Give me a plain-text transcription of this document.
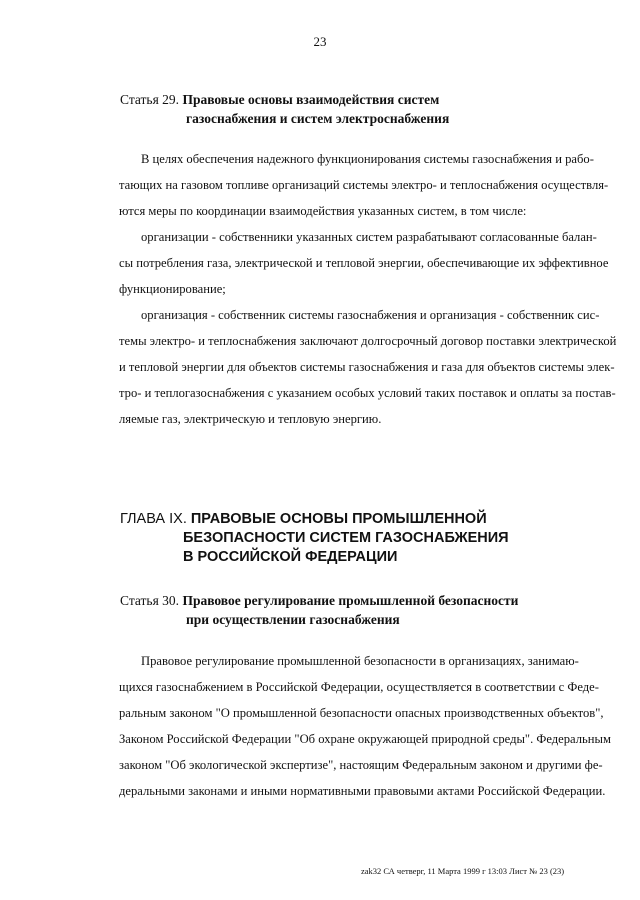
23
Статья 29. Правовые основы взаимодействия систем
газоснабжения и систем электроснабжения
В целях обеспечения надежного функционирования системы газоснабжения и рабо-
тающих на газовом топливе организаций системы электро- и теплоснабжения осуществля-
ются меры по координации взаимодействия указанных систем, в том числе:
организации - собственники указанных систем разрабатывают согласованные балан-
сы потребления газа, электрической и тепловой энергии, обеспечивающие их эффективное
функционирование;
организация - собственник системы газоснабжения и организация - собственник сис-
темы электро- и теплоснабжения заключают долгосрочный договор поставки электрической
и тепловой энергии для объектов системы газоснабжения и газа для объектов системы элек-
тро- и теплогазоснабжения с указанием особых условий таких поставок и оплаты за постав-
ляемые газ, электрическую и тепловую энергию.
ГЛАВА IX. ПРАВОВЫЕ ОСНОВЫ ПРОМЫШЛЕННОЙ
БЕЗОПАСНОСТИ СИСТЕМ ГАЗОСНАБЖЕНИЯ
В РОССИЙСКОЙ ФЕДЕРАЦИИ
Статья 30. Правовое регулирование промышленной безопасности
при осуществлении газоснабжения
Правовое регулирование промышленной безопасности в организациях, занимаю-
щихся газоснабжением в Российской Федерации, осуществляется в соответствии с Феде-
ральным законом "О промышленной безопасности опасных производственных объектов",
Законом Российской Федерации "Об охране окружающей природной среды". Федеральным
законом "Об экологической экспертизе", настоящим Федеральным законом и другими фе-
деральными законами и иными нормативными правовыми актами Российской Федерации.
zak32 СА четверг, 11 Марта 1999 г 13:03 Лист № 23 (23)
